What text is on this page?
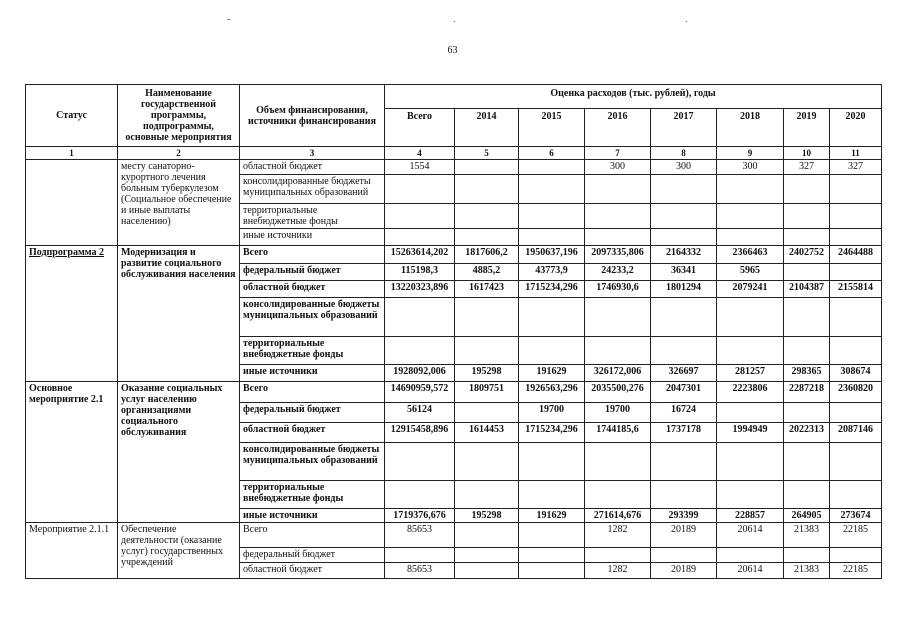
-	.	.
63
Статус	Наименование государственной программы, подпрограммы, основные мероприятия	Объем финансирования, источники финансирования	Оценка расходов (тыс. рублей), годы							
			Всего	2014	2015	2016	2017	2018	2019	2020
1	2	3	4	5	6	7	8	9	10	11
	месту санаторно-курортного лечения больным туберкулезом (Социальное обеспечение и иные выплаты населению)	областной бюджет	1554			300	300	300	327	327
		консолидированные бюджеты муниципальных образований								
		территориальные внебюджетные фонды								
		иные источники								
Подпрограмма 2	Модернизация и развитие социального обслуживания населения	Всего	15263614,202	1817606,2	1950637,196	2097335,806	2164332	2366463	2402752	2464488
		федеральный бюджет	115198,3	4885,2	43773,9	24233,2	36341	5965		
		областной бюджет	13220323,896	1617423	1715234,296	1746930,6	1801294	2079241	2104387	2155814
		консолидированные бюджеты муниципальных образований								
		территориальные внебюджетные фонды								
		иные источники	1928092,006	195298	191629	326172,006	326697	281257	298365	308674
Основное мероприятие 2.1	Оказание социальных услуг населению организациями социального обслуживания	Всего	14690959,572	1809751	1926563,296	2035500,276	2047301	2223806	2287218	2360820
		федеральный бюджет	56124		19700	19700	16724			
		областной бюджет	12915458,896	1614453	1715234,296	1744185,6	1737178	1994949	2022313	2087146
		консолидированные бюджеты муниципальных образований								
		территориальные внебюджетные фонды								
		иные источники	1719376,676	195298	191629	271614,676	293399	228857	264905	273674
Мероприятие 2.1.1	Обеспечение деятельности (оказание услуг) государственных учреждений	Всего	85653			1282	20189	20614	21383	22185
		федеральный бюджет								
		областной бюджет	85653			1282	20189	20614	21383	22185
